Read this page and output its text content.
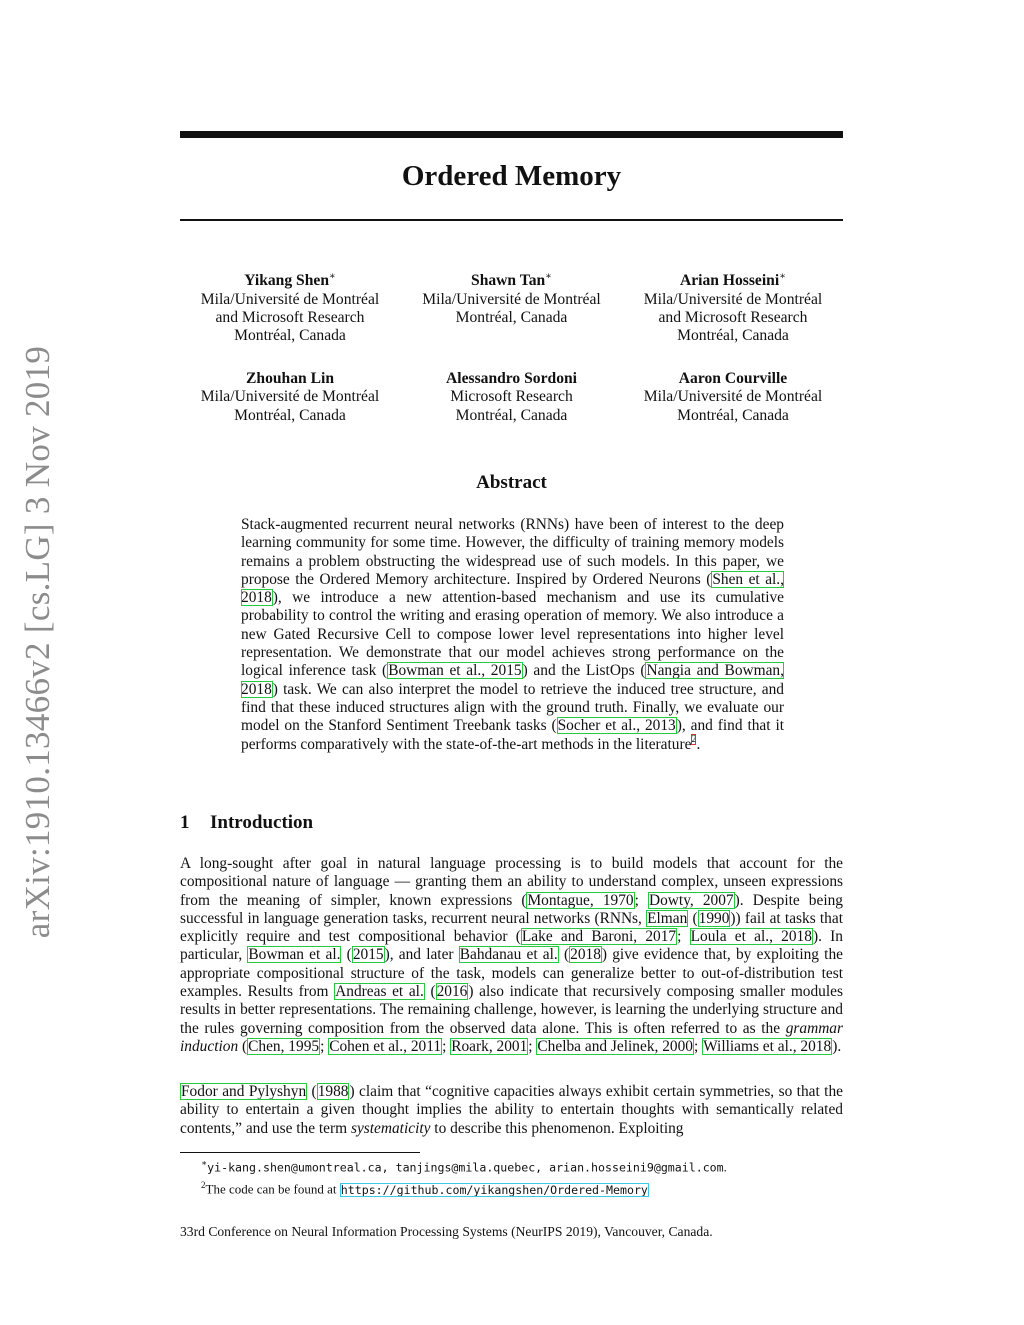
arXiv:1910.13466v2 [cs.LG] 3 Nov 2019
Ordered Memory
Yikang Shen∗
Mila/Université de Montréal
and Microsoft Research
Montréal, Canada
Shawn Tan∗
Mila/Université de Montréal
Montréal, Canada
Arian Hosseini∗
Mila/Université de Montréal
and Microsoft Research
Montréal, Canada
Zhouhan Lin
Mila/Université de Montréal
Montréal, Canada
Alessandro Sordoni
Microsoft Research
Montréal, Canada
Aaron Courville
Mila/Université de Montréal
Montréal, Canada
Abstract
Stack-augmented recurrent neural networks (RNNs) have been of interest to the deep learning community for some time. However, the difficulty of training memory models remains a problem obstructing the widespread use of such models. In this paper, we propose the Ordered Memory architecture. Inspired by Ordered Neurons (Shen et al., 2018), we introduce a new attention-based mechanism and use its cumulative probability to control the writing and erasing operation of memory. We also introduce a new Gated Recursive Cell to compose lower level representations into higher level representation. We demonstrate that our model achieves strong performance on the logical inference task (Bowman et al., 2015) and the ListOps (Nangia and Bowman, 2018) task. We can also interpret the model to retrieve the induced tree structure, and find that these induced structures align with the ground truth. Finally, we evaluate our model on the Stanford Sentiment Treebank tasks (Socher et al., 2013), and find that it performs comparatively with the state-of-the-art methods in the literature$^2$.
1 Introduction

A long-sought after goal in natural language processing is to build models that account for the compositional nature of language — granting them an ability to understand complex, unseen expressions from the meaning of simpler, known expressions (Montague, 1970; Dowty, 2007). Despite being successful in language generation tasks, recurrent neural networks (RNNs, Elman (1990)) fail at tasks that explicitly require and test compositional behavior (Lake and Baroni, 2017; Loula et al., 2018). In particular, Bowman et al. (2015), and later Bahdanau et al. (2018) give evidence that, by exploiting the appropriate compositional structure of the task, models can generalize better to out-of-distribution test examples. Results from Andreas et al. (2016) also indicate that recursively composing smaller modules results in better representations. The remaining challenge, however, is learning the underlying structure and the rules governing composition from the observed data alone. This is often referred to as the grammar induction (Chen, 1995; Cohen et al., 2011; Roark, 2001; Chelba and Jelinek, 2000; Williams et al., 2018).

Fodor and Pylyshyn (1988) claim that “cognitive capacities always exhibit certain symmetries, so that the ability to entertain a given thought implies the ability to entertain thoughts with semantically related contents,” and use the term systematicity to describe this phenomenon. Exploiting

∗yi-kang.shen@umontreal.ca, tanjings@mila.quebec, arian.hosseini9@gmail.com.
$^2$The code can be found at https://github.com/yikangshen/Ordered-Memory
33rd Conference on Neural Information Processing Systems (NeurIPS 2019), Vancouver, Canada.
